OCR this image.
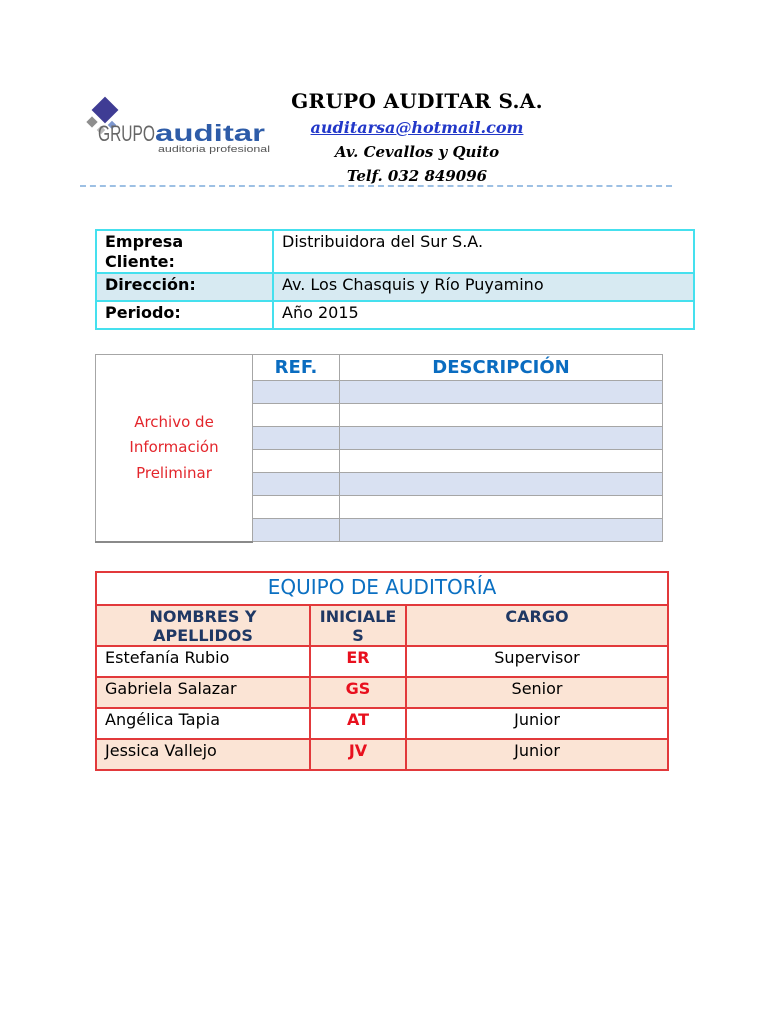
GRUPO auditar
auditoria profesional
GRUPO AUDITAR S.A.
auditarsa@hotmail.com
Av. Cevallos y Quito
Telf. 032 849096
Empresa Cliente:	Distribuidora del Sur S.A.

Dirección:	Av. Los Chasquis y Río Puyamino

Periodo:	Año 2015
Archivo de Información Preliminar	REF.	DESCRIPCIÓN

EQUIPO DE AUDITORÍA		
NOMBRES Y APELLIDOS	INICIALES	CARGO
Estefanía Rubio	ER	Supervisor
Gabriela Salazar	GS	Senior
Angélica Tapia	AT	Junior
Jessica Vallejo	JV	Junior
